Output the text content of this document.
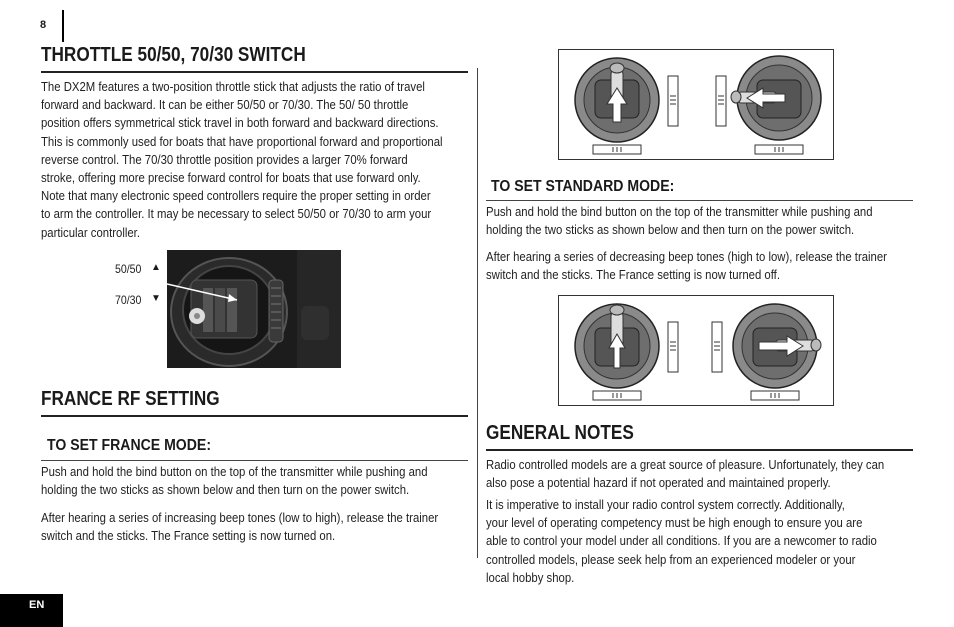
8
THROTTLE 50/50, 70/30 SWITCH
The DX2M features a two-position throttle stick that adjusts the ratio of travel
forward and backward. It can be either 50/50 or 70/30. The 50/ 50 throttle
position offers symmetrical stick travel in both forward and backward directions.
This is commonly used for boats that have proportional forward and proportional
reverse control. The 70/30 throttle position provides a larger 70% forward
stroke, offering more precise forward control for boats that use forward only.
Note that many electronic speed controllers require the proper setting in order
to arm the controller. It may be necessary to select 50/50 or 70/30 to arm your
particular controller.
50/50 ▲
70/30 ▼
FRANCE RF SETTING
TO SET FRANCE MODE:
Push and hold the bind button on the top of the transmitter while pushing and
holding the two sticks as shown below and then turn on the power switch.
After hearing a series of increasing beep tones (low to high), release the trainer
switch and the sticks. The France setting is now turned on.
TO SET STANDARD MODE:
Push and hold the bind button on the top of the transmitter while pushing and
holding the two sticks as shown below and then turn on the power switch.
After hearing a series of decreasing beep tones (high to low), release the trainer
switch and the sticks. The France setting is now turned off.
GENERAL NOTES
Radio controlled models are a great source of pleasure. Unfortunately, they can
also pose a potential hazard if not operated and maintained properly.
It is imperative to install your radio control system correctly. Additionally,
your level of operating competency must be high enough to ensure you are
able to control your model under all conditions. If you are a newcomer to radio
controlled models, please seek help from an experienced modeler or your
local hobby shop.
EN
